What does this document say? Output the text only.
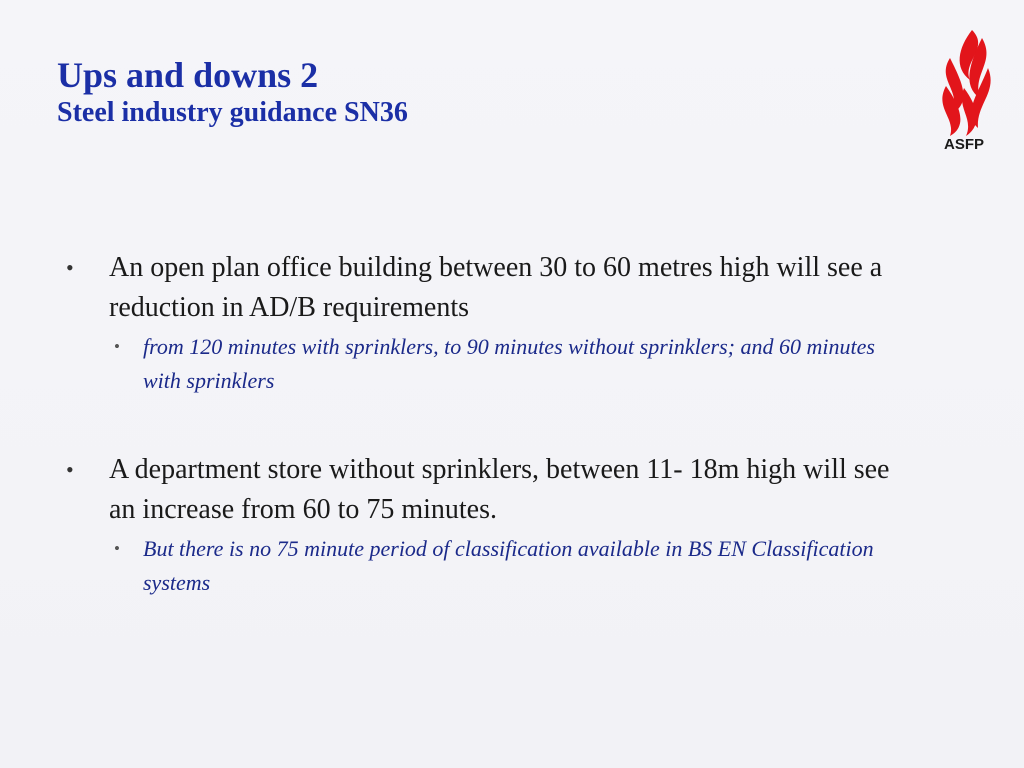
Ups and downs 2
Steel industry guidance SN36
ASFP
• An open plan office building between 30 to 60 metres high will see a reduction in AD/B requirements
• from 120 minutes with sprinklers, to 90 minutes without sprinklers; and 60 minutes with sprinklers
• A department store without sprinklers, between 11- 18m high will see an increase from 60 to 75 minutes.
• But there is no 75 minute period of classification available in BS EN Classification systems
